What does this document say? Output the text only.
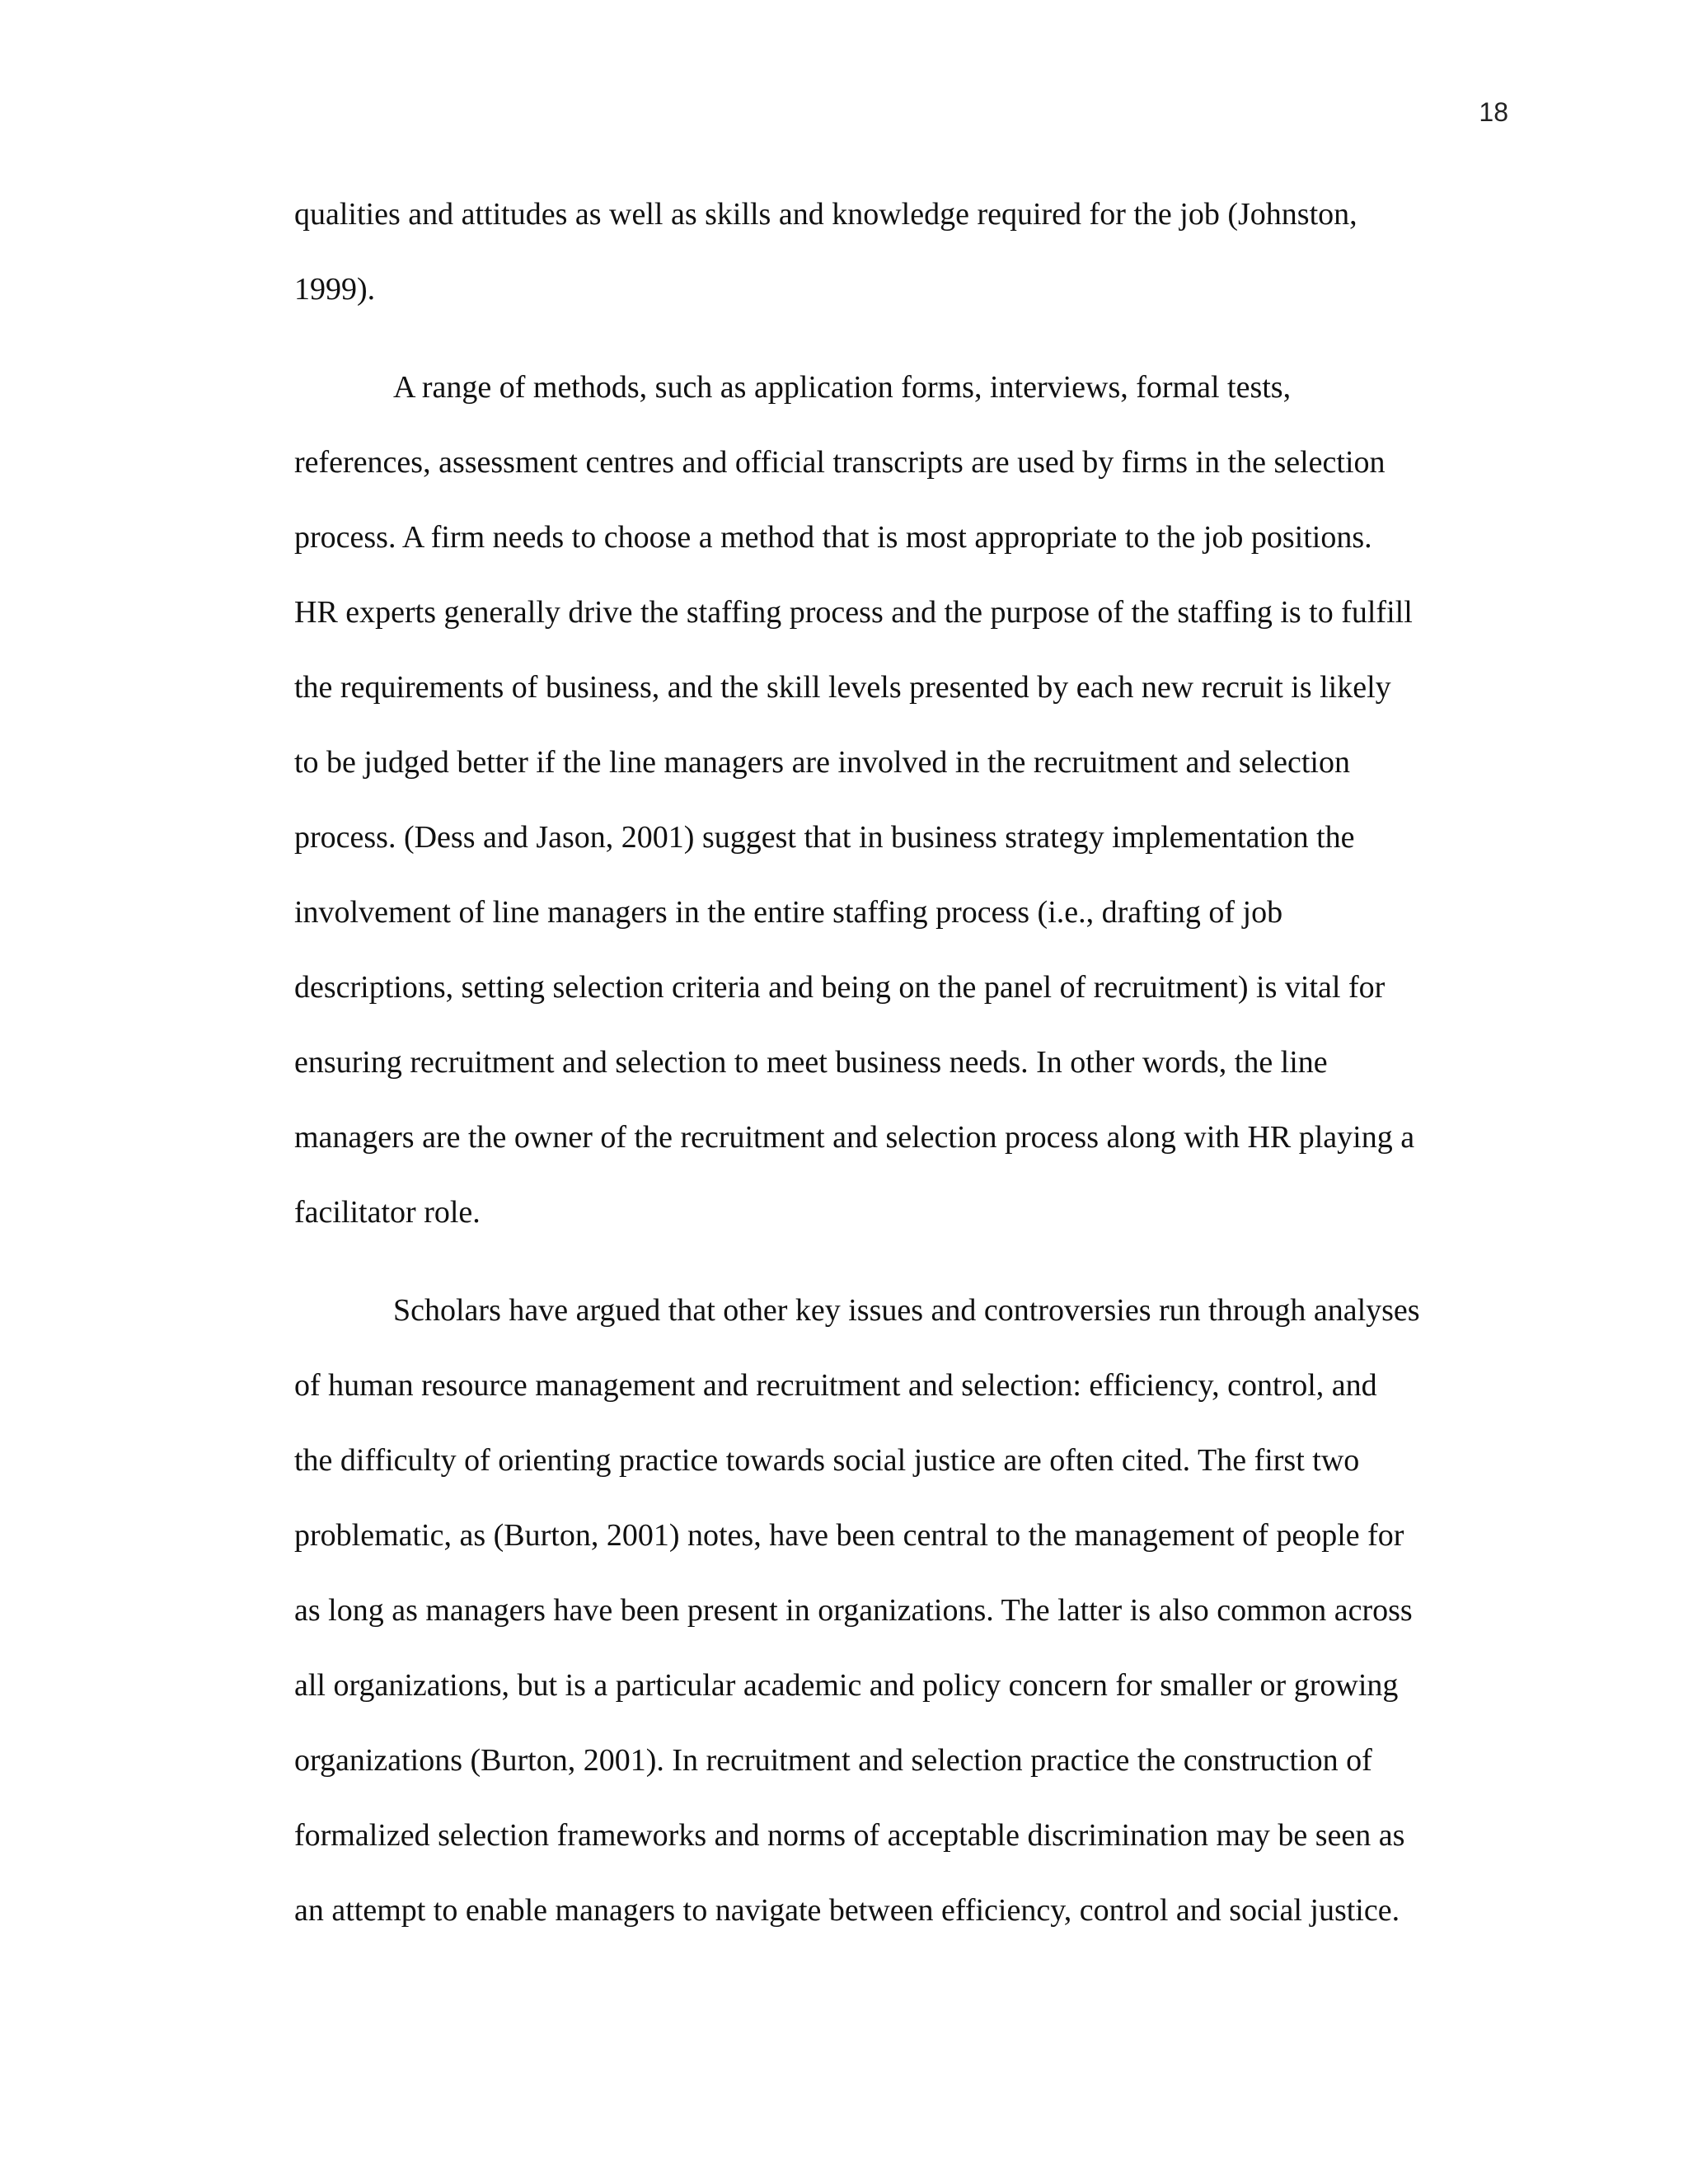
18
qualities and attitudes as well as skills and knowledge required for the job (Johnston,
1999).
A range of methods, such as application forms, interviews, formal tests,
references, assessment centres and official transcripts are used by firms in the selection
process. A firm needs to choose a method that is most appropriate to the job positions.
HR experts generally drive the staffing process and the purpose of the staffing is to fulfill
the requirements of business, and the skill levels presented by each new recruit is likely
to be judged better if the line managers are involved in the recruitment and selection
process. (Dess and Jason, 2001) suggest that in business strategy implementation the
involvement of line managers in the entire staffing process (i.e., drafting of job
descriptions, setting selection criteria and being on the panel of recruitment) is vital for
ensuring recruitment and selection to meet business needs. In other words, the line
managers are the owner of the recruitment and selection process along with HR playing a
facilitator role.
Scholars have argued that other key issues and controversies run through analyses
of human resource management and recruitment and selection: efficiency, control, and
the difficulty of orienting practice towards social justice are often cited. The first two
problematic, as (Burton, 2001) notes, have been central to the management of people for
as long as managers have been present in organizations. The latter is also common across
all organizations, but is a particular academic and policy concern for smaller or growing
organizations (Burton, 2001). In recruitment and selection practice the construction of
formalized selection frameworks and norms of acceptable discrimination may be seen as
an attempt to enable managers to navigate between efficiency, control and social justice.
